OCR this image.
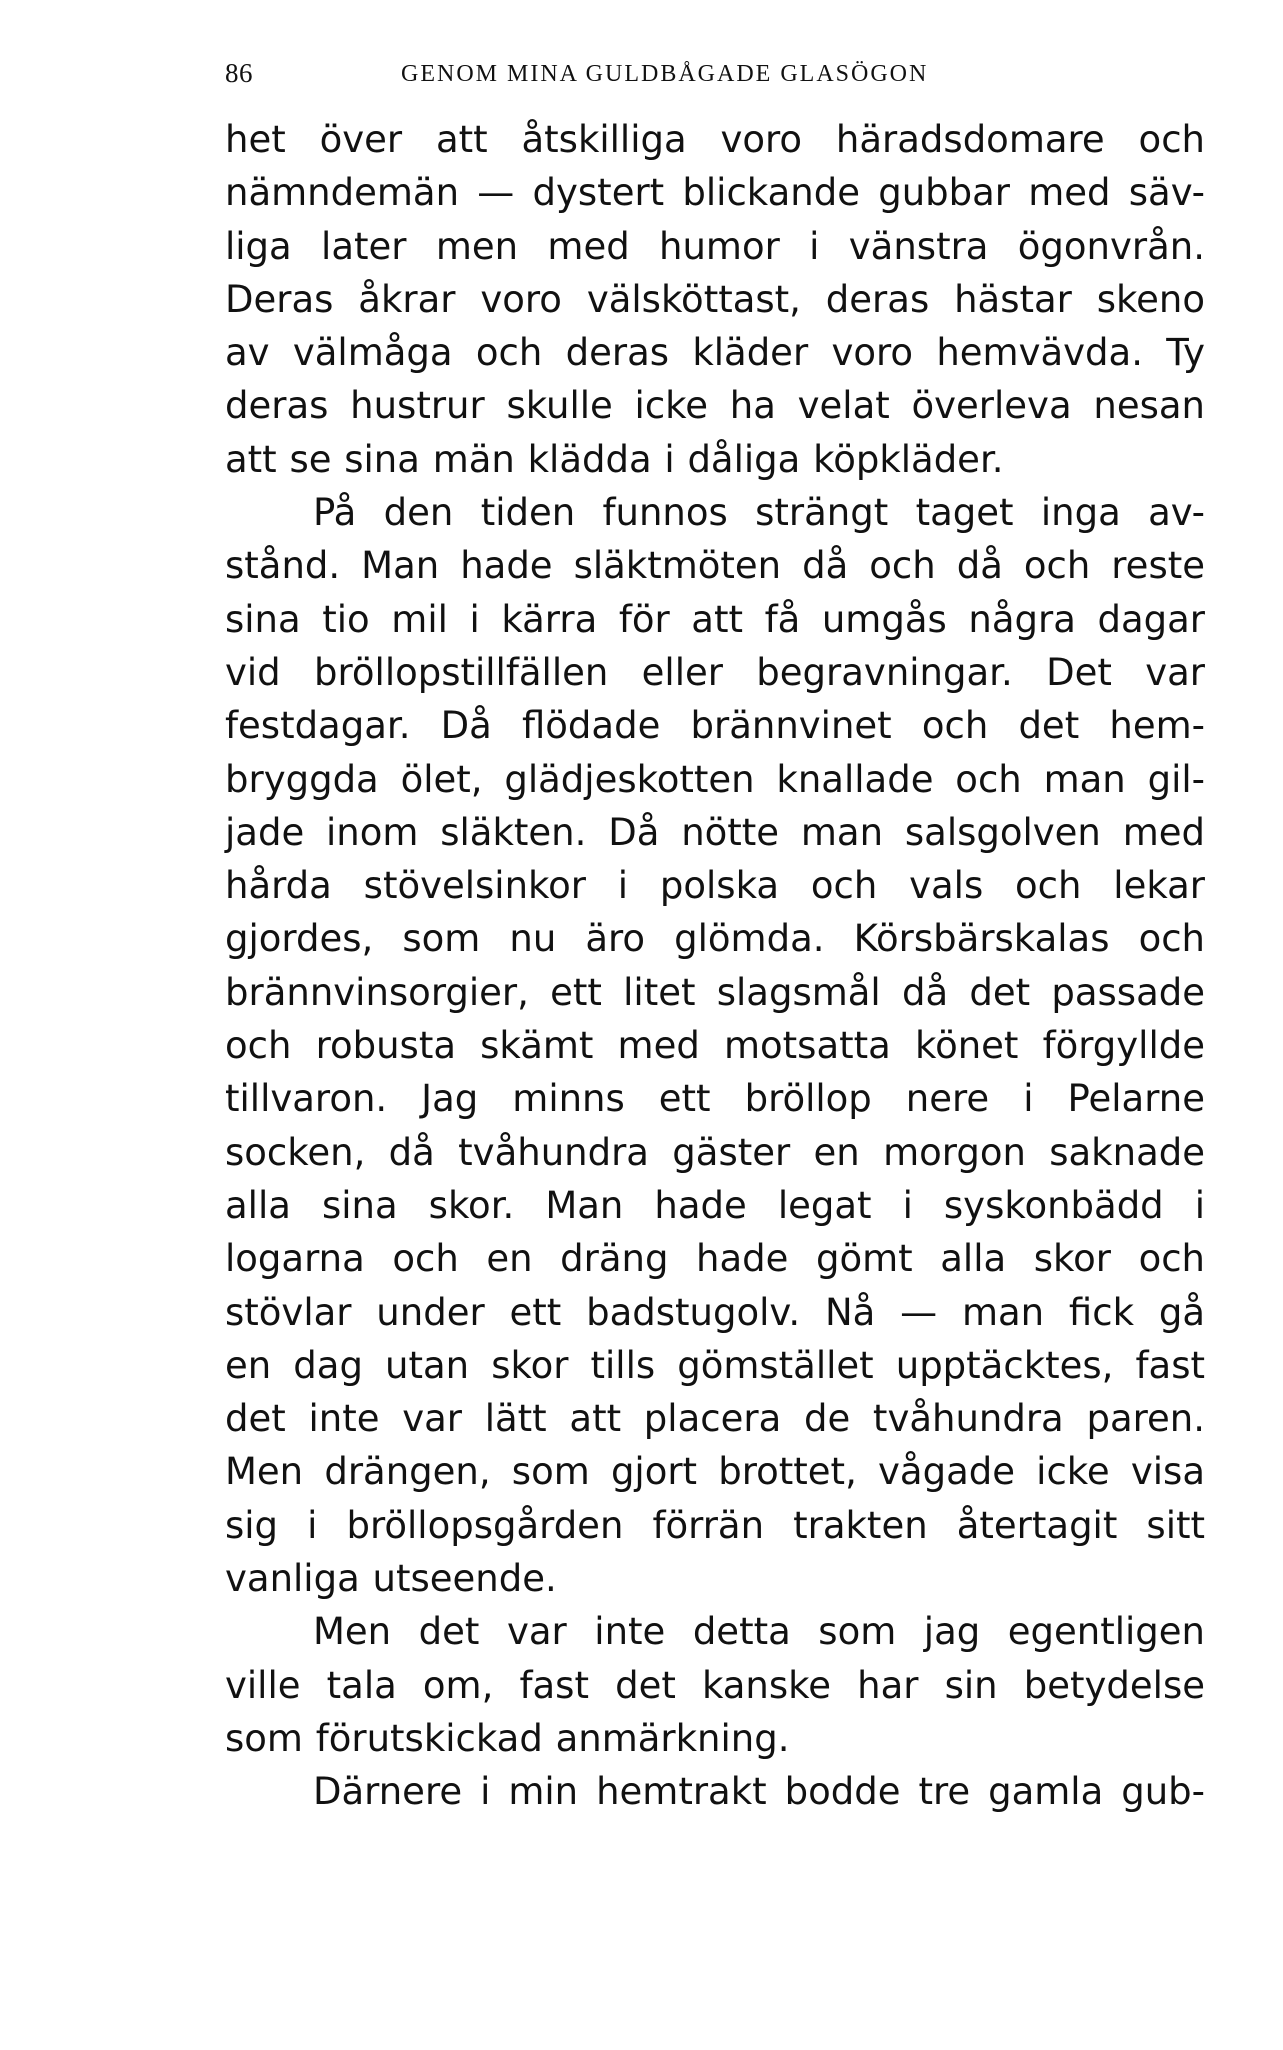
86	GENOM MINA GULDBÅGADE GLASÖGON
het över att åtskilliga voro häradsdomare och
nämndemän — dystert blickande gubbar med säv-
liga later men med humor i vänstra ögonvrån.
Deras åkrar voro välsköttast, deras hästar skeno
av välmåga och deras kläder voro hemvävda. Ty
deras hustrur skulle icke ha velat överleva nesan
att se sina män klädda i dåliga köpkläder.
På den tiden funnos strängt taget inga av-
stånd. Man hade släktmöten då och då och reste
sina tio mil i kärra för att få umgås några dagar
vid bröllopstillfällen eller begravningar. Det var
festdagar. Då flödade brännvinet och det hem-
bryggda ölet, glädjeskotten knallade och man gil-
jade inom släkten. Då nötte man salsgolven med
hårda stövelsinkor i polska och vals och lekar
gjordes, som nu äro glömda. Körsbärskalas och
brännvinsorgier, ett litet slagsmål då det passade
och robusta skämt med motsatta könet förgyllde
tillvaron. Jag minns ett bröllop nere i Pelarne
socken, då tvåhundra gäster en morgon saknade
alla sina skor. Man hade legat i syskonbädd i
logarna och en dräng hade gömt alla skor och
stövlar under ett badstugolv. Nå — man fick gå
en dag utan skor tills gömstället upptäcktes, fast
det inte var lätt att placera de tvåhundra paren.
Men drängen, som gjort brottet, vågade icke visa
sig i bröllopsgården förrän trakten återtagit sitt
vanliga utseende.
Men det var inte detta som jag egentligen
ville tala om, fast det kanske har sin betydelse
som förutskickad anmärkning.
Därnere i min hemtrakt bodde tre gamla gub-
